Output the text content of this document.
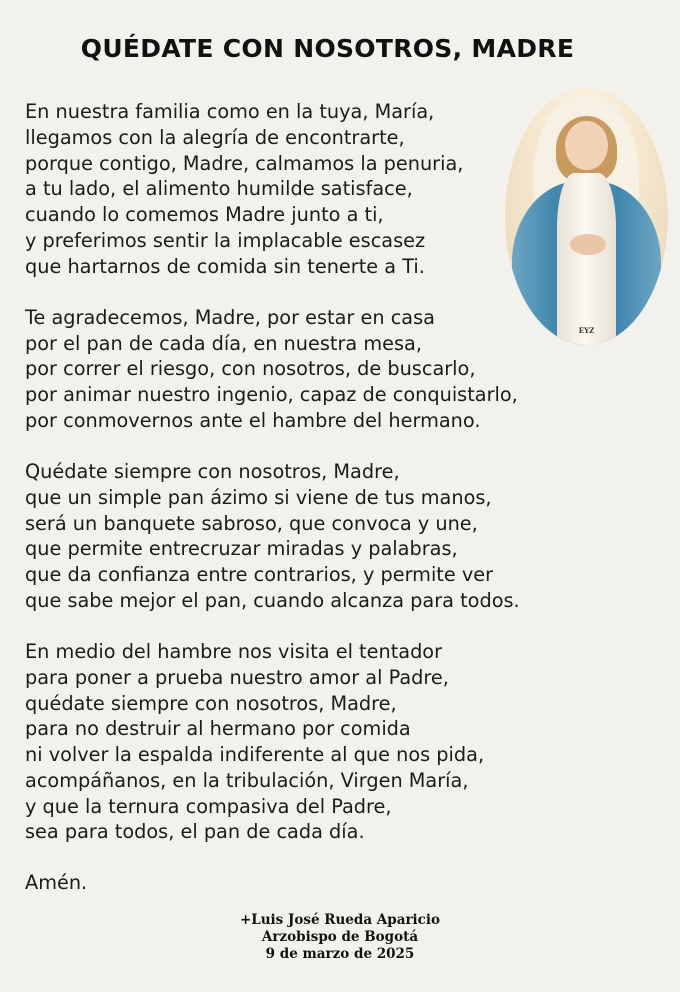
QUÉDATE CON NOSOTROS, MADRE
EYZ
En nuestra familia como en la tuya, María,
llegamos con la alegría de encontrarte,
porque contigo, Madre, calmamos la penuria,
a tu lado, el alimento humilde satisface,
cuando lo comemos Madre junto a ti,
y preferimos sentir la implacable escasez
que hartarnos de comida sin tenerte a Ti.
Te agradecemos, Madre, por estar en casa
por el pan de cada día, en nuestra mesa,
por correr el riesgo, con nosotros, de buscarlo,
por animar nuestro ingenio, capaz de conquistarlo,
por conmovernos ante el hambre del hermano.
Quédate siempre con nosotros, Madre,
que un simple pan ázimo si viene de tus manos,
será un banquete sabroso, que convoca y une,
que permite entrecruzar miradas y palabras,
que da confianza entre contrarios, y permite ver
que sabe mejor el pan, cuando alcanza para todos.
En medio del hambre nos visita el tentador
para poner a prueba nuestro amor al Padre,
quédate siempre con nosotros, Madre,
para no destruir al hermano por comida
ni volver la espalda indiferente al que nos pida,
acompáñanos, en la tribulación, Virgen María,
y que la ternura compasiva del Padre,
sea para todos, el pan de cada día.
Amén.
+Luis José Rueda Aparicio
Arzobispo de Bogotá
9 de marzo de 2025
